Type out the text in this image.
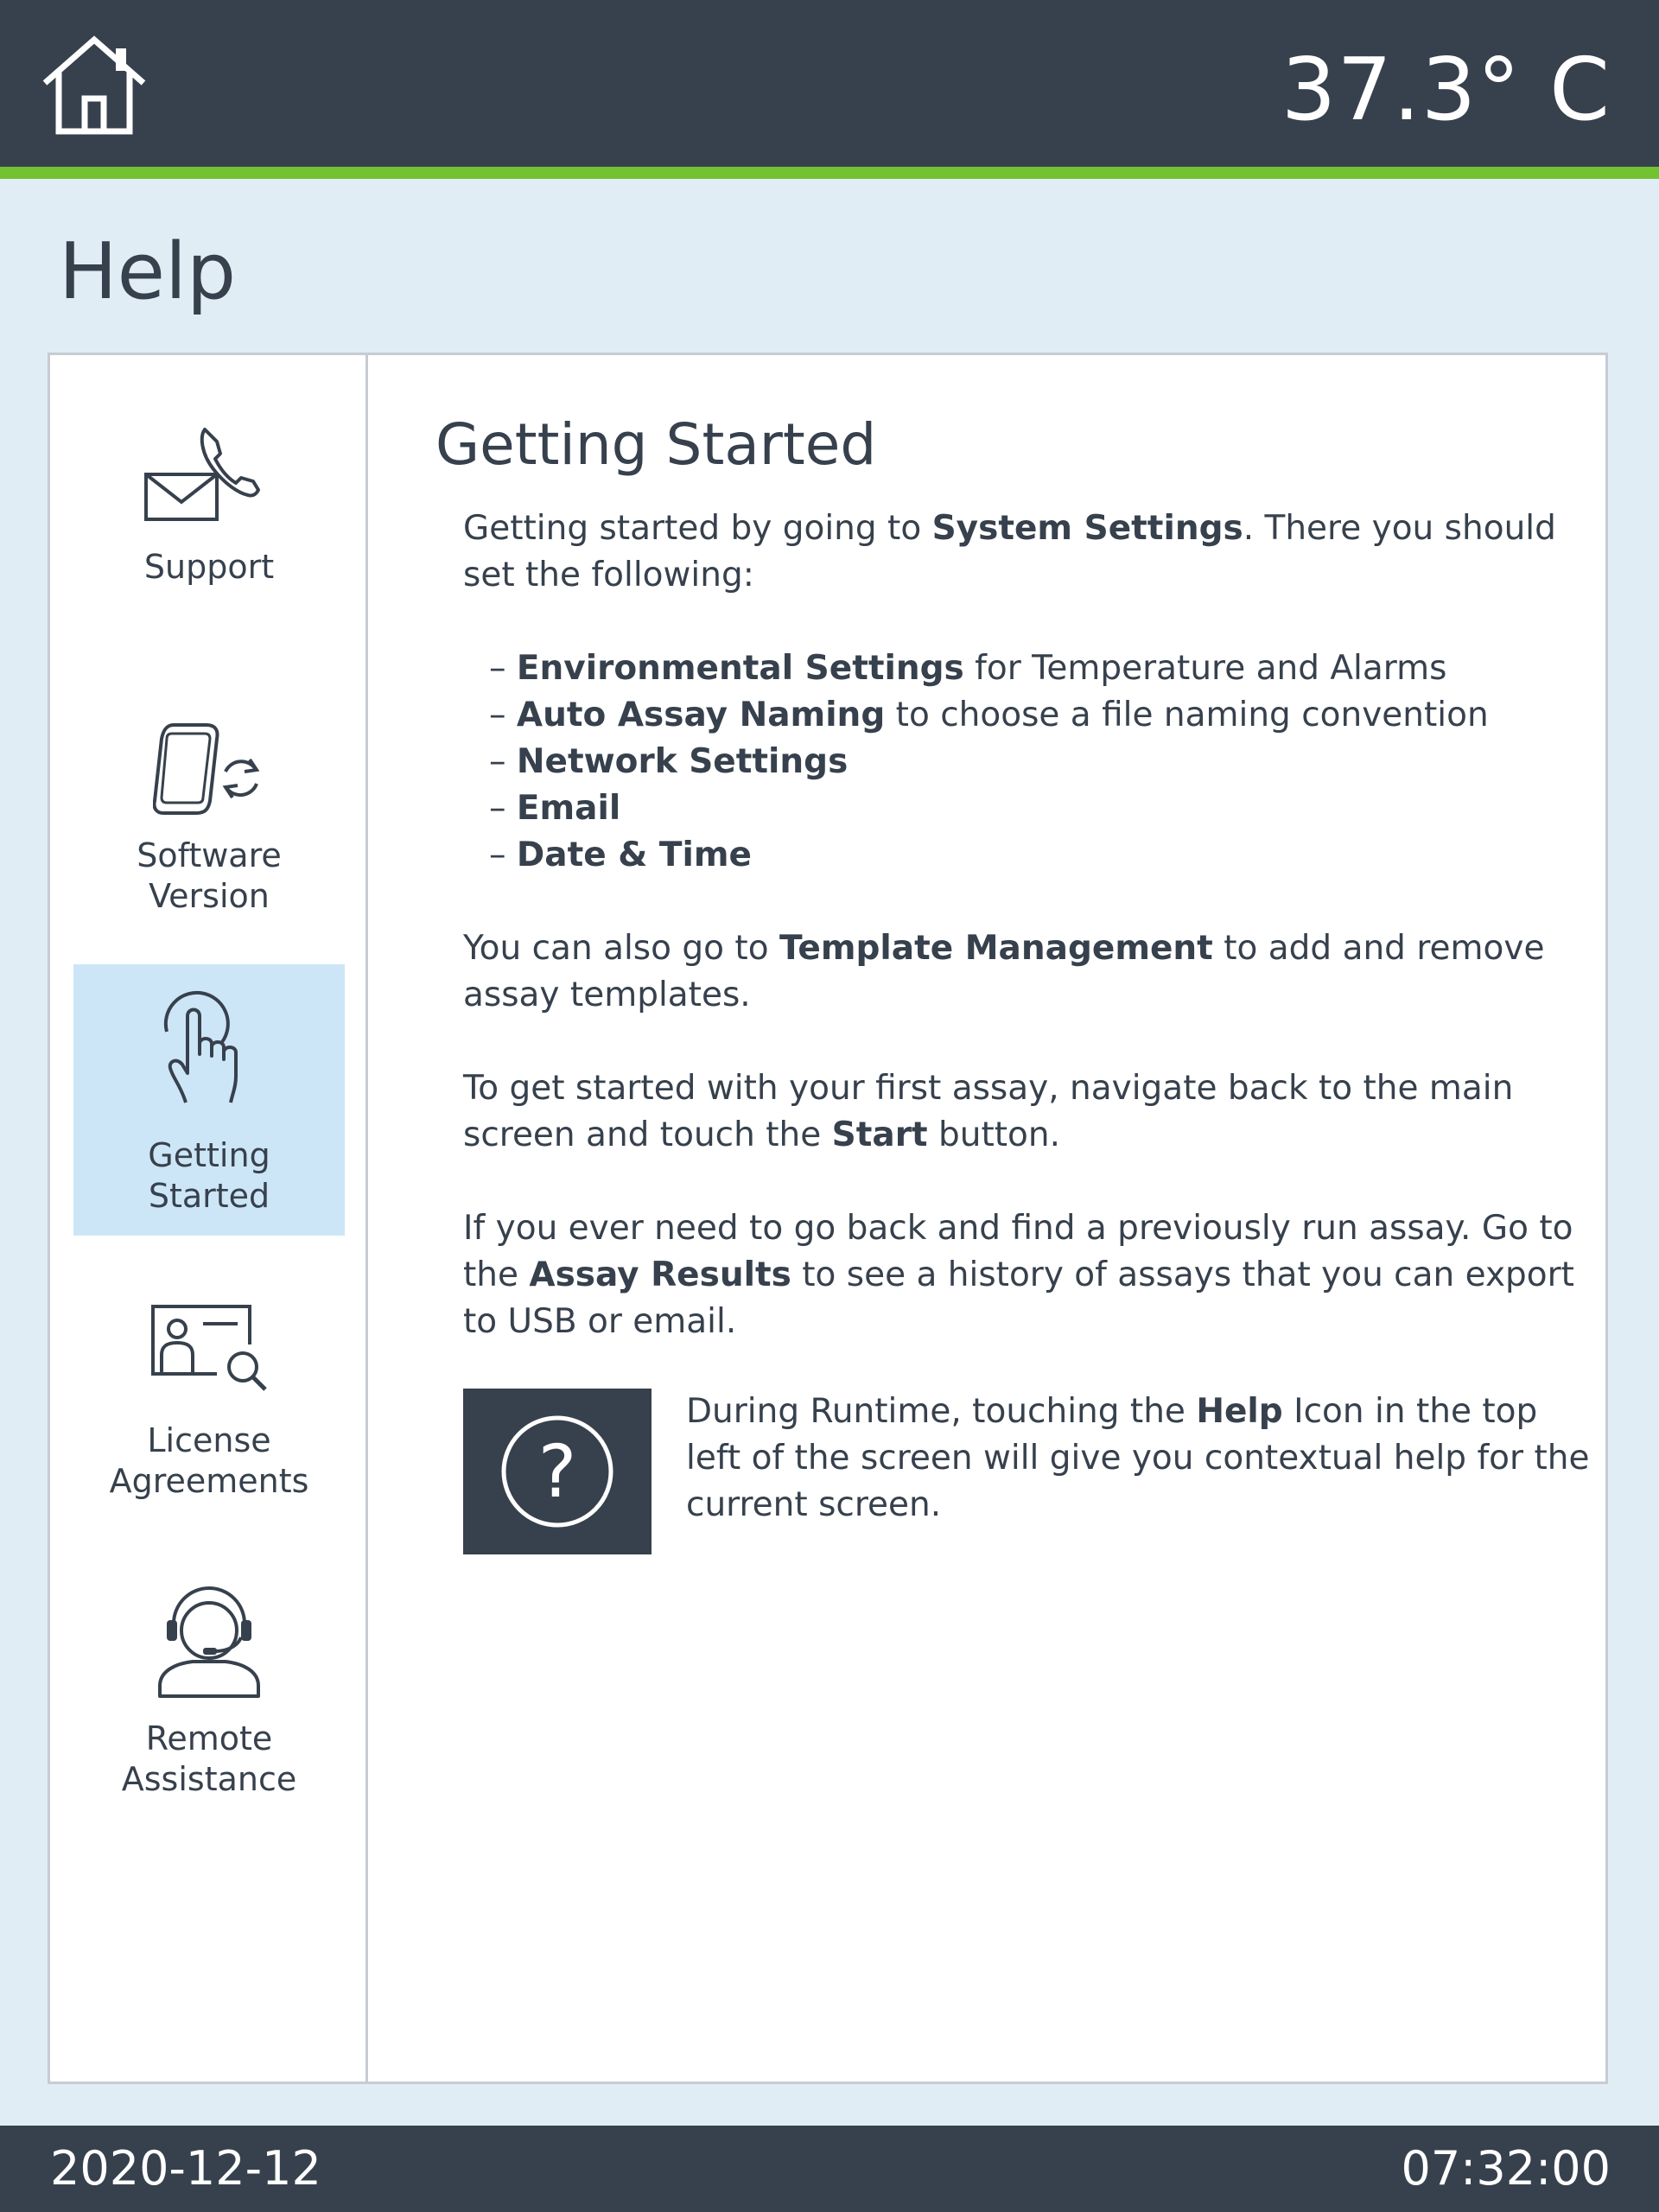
37.3° C
Help
Support
Software
Version
Getting
Started
License
Agreements
Remote
Assistance
Getting Started
Getting started by going to System Settings. There you should set the following:
– Environmental Settings for Temperature and Alarms
– Auto Assay Naming to choose a file naming convention
– Network Settings
– Email
– Date & Time
You can also go to Template Management to add and remove assay templates.
To get started with your first assay, navigate back to the main screen and touch the Start button.
If you ever need to go back and find a previously run assay. Go to the Assay Results to see a history of assays that you can export to USB or email.
?
During Runtime, touching the Help Icon in the top left of the screen will give you contextual help for the current screen.
2020-12-12	07:32:00
